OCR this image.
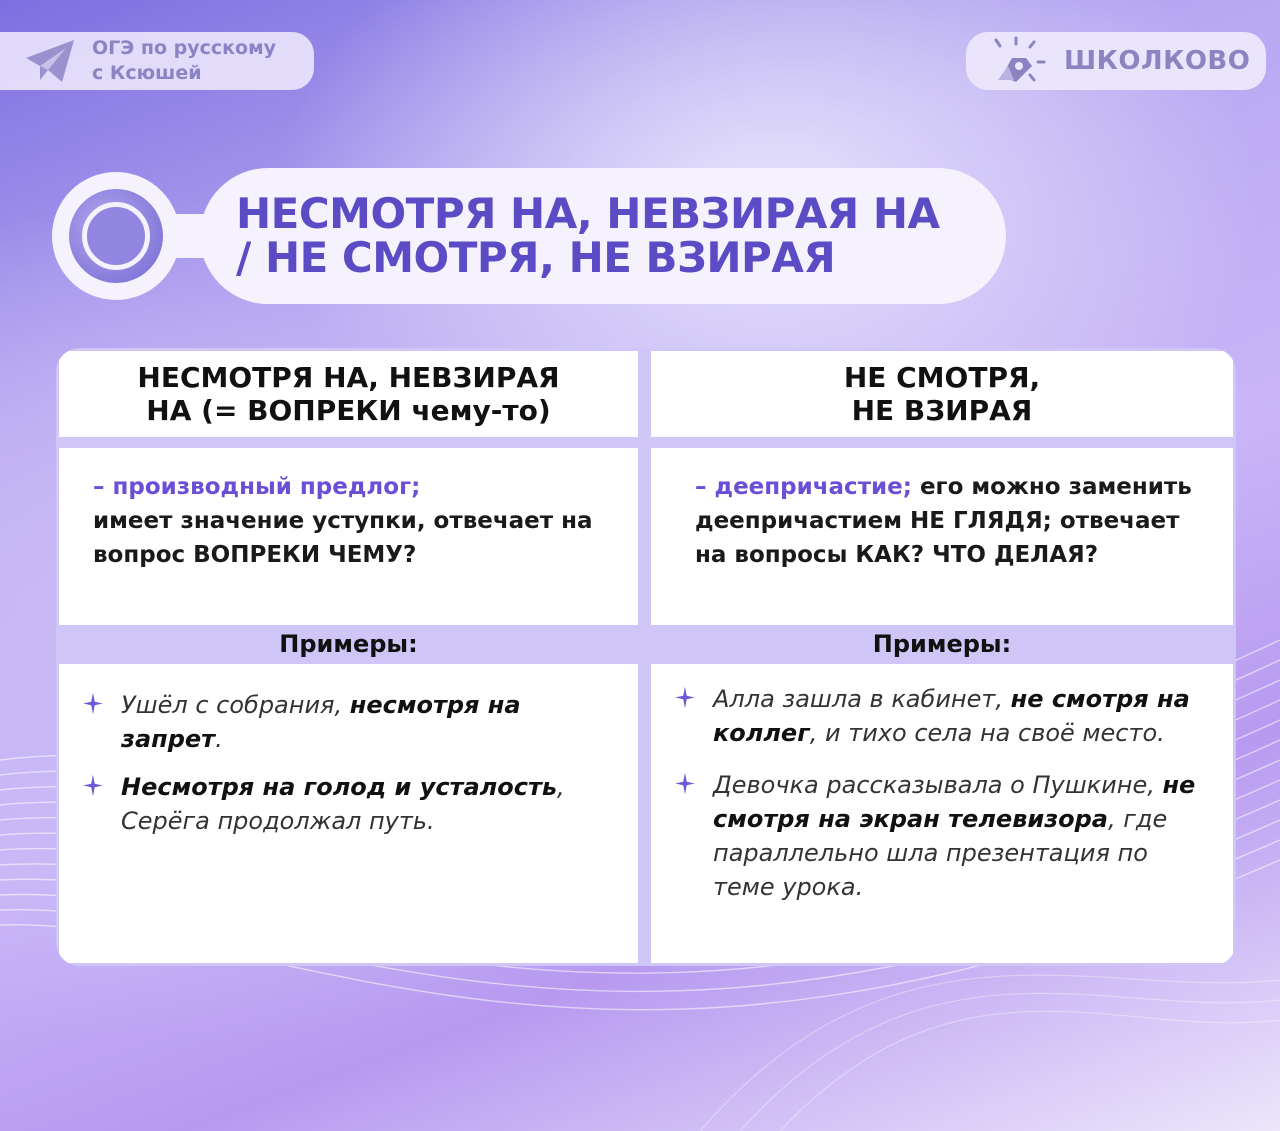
ОГЭ по русскому
с Ксюшей	ШКОЛКОВО
НЕСМОТРЯ НА, НЕВЗИРАЯ НА
/ НЕ СМОТРЯ, НЕ ВЗИРАЯ
НЕСМОТРЯ НА, НЕВЗИРАЯ
НА (= ВОПРЕКИ чему-то)
НЕ СМОТРЯ,
НЕ ВЗИРАЯ
– производный предлог;
имеет значение уступки, отвечает на вопрос ВОПРЕКИ ЧЕМУ?
– деепричастие; его можно заменить деепричастием НЕ ГЛЯДЯ; отвечает на вопросы КАК? ЧТО ДЕЛАЯ?
Примеры:	Примеры:
Ушёл с собрания, несмотря на запрет.
Несмотря на голод и усталость, Серёга продолжал путь.
Алла зашла в кабинет, не смотря на коллег, и тихо села на своё место.
Девочка рассказывала о Пушкине, не смотря на экран телевизора, где параллельно шла презентация по теме урока.
